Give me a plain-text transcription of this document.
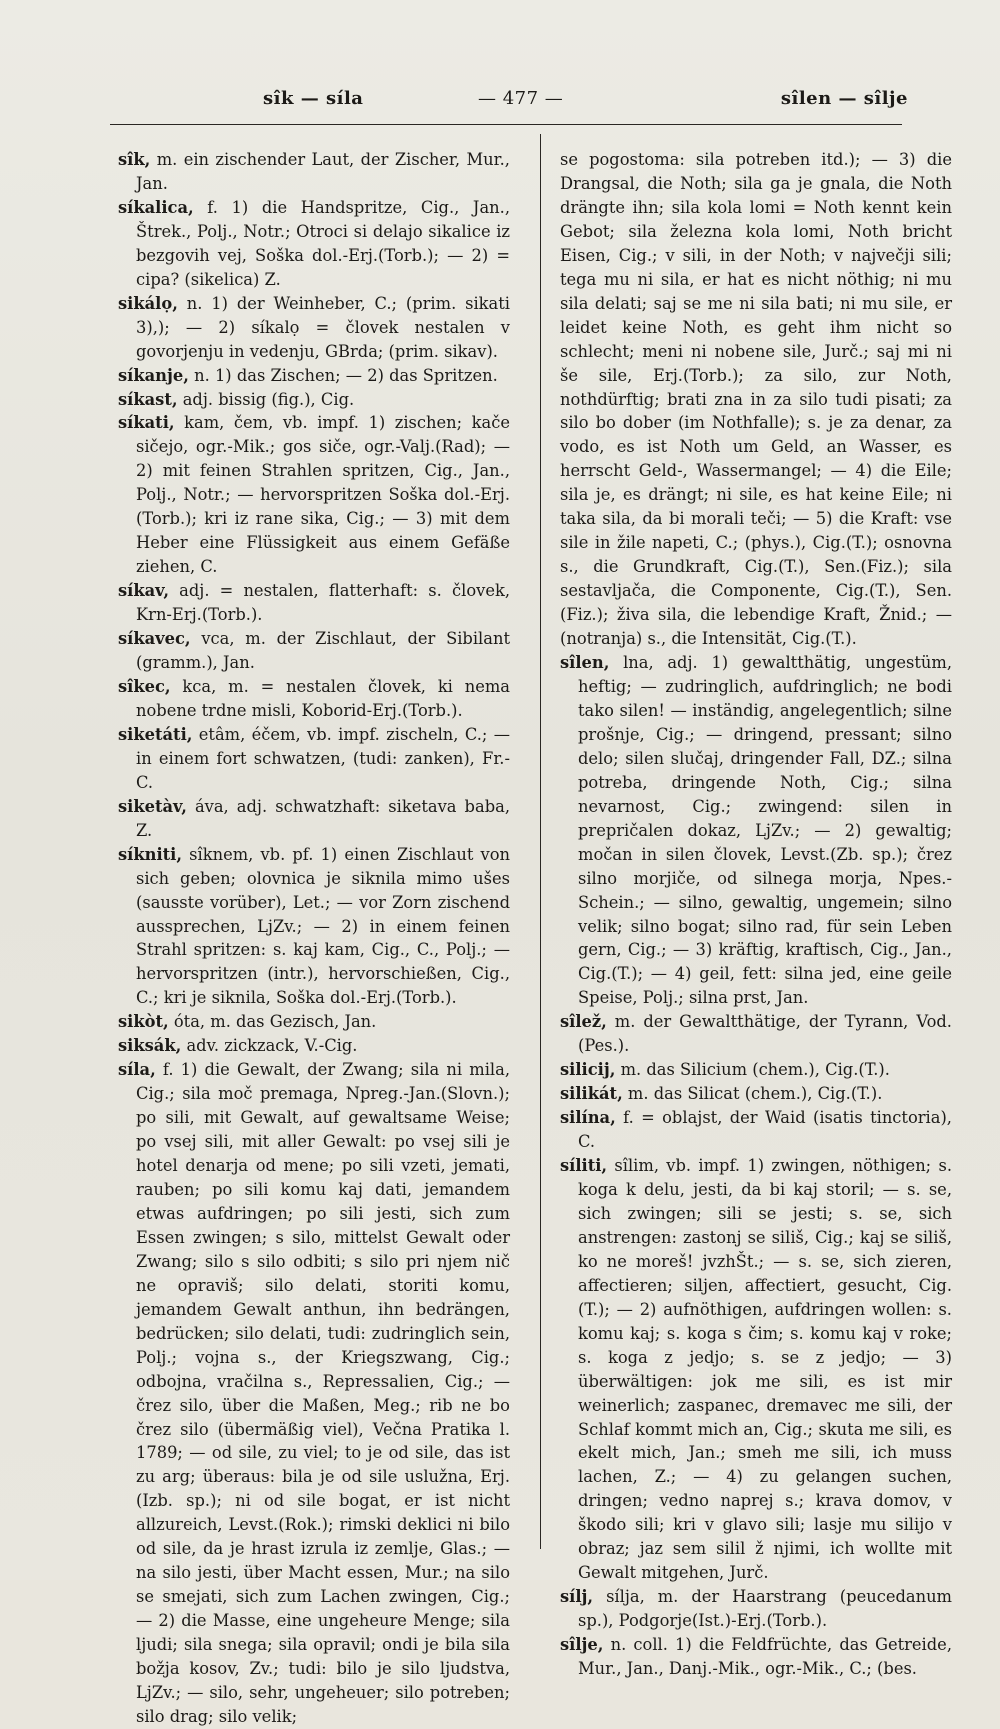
sîk — síla	— 477 —	sîlen — sîlje

sîk, m. ein zischender Laut, der Zischer, Mur., Jan.

síkalica, f. 1) die Handspritze, Cig., Jan., Štrek., Polj., Notr.; Otroci si delajo sikalice iz bezgovih vej, Soška dol.-Erj.(Torb.); — 2) = cipa? (sikelica) Z.

sikálọ, n. 1) der Weinheber, C.; (prim. sikati 3),); — 2) síkalọ = človek nestalen v govorjenju in vedenju, GBrda; (prim. sikav).

síkanje, n. 1) das Zischen; — 2) das Spritzen.

síkast, adj. bissig (fig.), Cig.

síkati, kam, čem, vb. impf. 1) zischen; kače sičejo, ogr.-Mik.; gos siče, ogr.-Valj.(Rad); — 2) mit feinen Strahlen spritzen, Cig., Jan., Polj., Notr.; — hervorspritzen Soška dol.-Erj.(Torb.); kri iz rane sika, Cig.; — 3) mit dem Heber eine Flüssigkeit aus einem Gefäße ziehen, C.

síkav, adj. = nestalen, flatterhaft: s. človek, Krn-Erj.(Torb.).

síkavec, vca, m. der Zischlaut, der Sibilant (gramm.), Jan.

sîkec, kca, m. = nestalen človek, ki nema nobene trdne misli, Koborid-Erj.(Torb.).

siketáti, etâm, éčem, vb. impf. zischeln, C.; — in einem fort schwatzen, (tudi: zanken), Fr.-C.

siketàv, áva, adj. schwatzhaft: siketava baba, Z.

síkniti, sîknem, vb. pf. 1) einen Zischlaut von sich geben; olovnica je siknila mimo ušes (sausste vorüber), Let.; — vor Zorn zischend aussprechen, LjZv.; — 2) in einem feinen Strahl spritzen: s. kaj kam, Cig., C., Polj.; — hervorspritzen (intr.), hervorschießen, Cig., C.; kri je siknila, Soška dol.-Erj.(Torb.).

sikòt, óta, m. das Gezisch, Jan.

siksák, adv. zickzack, V.-Cig.

síla, f. 1) die Gewalt, der Zwang; sila ni mila, Cig.; sila moč premaga, Npreg.-Jan.(Slovn.); po sili, mit Gewalt, auf gewaltsame Weise; po vsej sili, mit aller Gewalt: po vsej sili je hotel denarja od mene; po sili vzeti, jemati, rauben; po sili komu kaj dati, jemandem etwas aufdringen; po sili jesti, sich zum Essen zwingen; s silo, mittelst Gewalt oder Zwang; silo s silo odbiti; s silo pri njem nič ne opraviš; silo delati, storiti komu, jemandem Gewalt anthun, ihn bedrängen, bedrücken; silo delati, tudi: zudringlich sein, Polj.; vojna s., der Kriegszwang, Cig.; odbojna, vračilna s., Repressalien, Cig.; — črez silo, über die Maßen, Meg.; rib ne bo črez silo (übermäßig viel), Večna Pratika l. 1789; — od sile, zu viel; to je od sile, das ist zu arg; überaus: bila je od sile uslužna, Erj.(Izb. sp.); ni od sile bogat, er ist nicht allzureich, Levst.(Rok.); rimski deklici ni bilo od sile, da je hrast izrula iz zemlje, Glas.; — na silo jesti, über Macht essen, Mur.; na silo se smejati, sich zum Lachen zwingen, Cig.; — 2) die Masse, eine ungeheure Menge; sila ljudi; sila snega; sila opravil; ondi je bila sila božja kosov, Zv.; tudi: bilo je silo ljudstva, LjZv.; — silo, sehr, ungeheuer; silo potreben; silo drag; silo velik;

se pogostoma: sila potreben itd.); — 3) die Drangsal, die Noth; sila ga je gnala, die Noth drängte ihn; sila kola lomi = Noth kennt kein Gebot; sila železna kola lomi, Noth bricht Eisen, Cig.; v sili, in der Noth; v največji sili; tega mu ni sila, er hat es nicht nöthig; ni mu sila delati; saj se me ni sila bati; ni mu sile, er leidet keine Noth, es geht ihm nicht so schlecht; meni ni nobene sile, Jurč.; saj mi ni še sile, Erj.(Torb.); za silo, zur Noth, nothdürftig; brati zna in za silo tudi pisati; za silo bo dober (im Nothfalle); s. je za denar, za vodo, es ist Noth um Geld, an Wasser, es herrscht Geld-, Wassermangel; — 4) die Eile; sila je, es drängt; ni sile, es hat keine Eile; ni taka sila, da bi morali teči; — 5) die Kraft: vse sile in žile napeti, C.; (phys.), Cig.(T.); osnovna s., die Grundkraft, Cig.(T.), Sen.(Fiz.); sila sestavljača, die Componente, Cig.(T.), Sen.(Fiz.); živa sila, die lebendige Kraft, Žnid.; — (notranja) s., die Intensität, Cig.(T.).

sîlen, lna, adj. 1) gewaltthätig, ungestüm, heftig; — zudringlich, aufdringlich; ne bodi tako silen! — inständig, angelegentlich; silne prošnje, Cig.; — dringend, pressant; silno delo; silen slučaj, dringender Fall, DZ.; silna potreba, dringende Noth, Cig.; silna nevarnost, Cig.; zwingend: silen in prepričalen dokaz, LjZv.; — 2) gewaltig; močan in silen človek, Levst.(Zb. sp.); črez silno morjiče, od silnega morja, Npes.-Schein.; — silno, gewaltig, ungemein; silno velik; silno bogat; silno rad, für sein Leben gern, Cig.; — 3) kräftig, kraftisch, Cig., Jan., Cig.(T.); — 4) geil, fett: silna jed, eine geile Speise, Polj.; silna prst, Jan.

sîlež, m. der Gewaltthätige, der Tyrann, Vod.(Pes.).

silicij, m. das Silicium (chem.), Cig.(T.).

silikát, m. das Silicat (chem.), Cig.(T.).

silína, f. = oblajst, der Waid (isatis tinctoria), C.

síliti, sîlim, vb. impf. 1) zwingen, nöthigen; s. koga k delu, jesti, da bi kaj storil; — s. se, sich zwingen; sili se jesti; s. se, sich anstrengen: zastonj se siliš, Cig.; kaj se siliš, ko ne moreš! jvzhŠt.; — s. se, sich zieren, affectieren; siljen, affectiert, gesucht, Cig.(T.); — 2) aufnöthigen, aufdringen wollen: s. komu kaj; s. koga s čim; s. komu kaj v roke; s. koga z jedjo; s. se z jedjo; — 3) überwältigen: jok me sili, es ist mir weinerlich; zaspanec, dremavec me sili, der Schlaf kommt mich an, Cig.; skuta me sili, es ekelt mich, Jan.; smeh me sili, ich muss lachen, Z.; — 4) zu gelangen suchen, dringen; vedno naprej s.; krava domov, v škodo sili; kri v glavo sili; lasje mu silijo v obraz; jaz sem silil ž njimi, ich wollte mit Gewalt mitgehen, Jurč.

sílj, sílja, m. der Haarstrang (peucedanum sp.), Podgorje(Ist.)-Erj.(Torb.).

sîlje, n. coll. 1) die Feldfrüchte, das Getreide, Mur., Jan., Danj.-Mik., ogr.-Mik., C.; (bes.
